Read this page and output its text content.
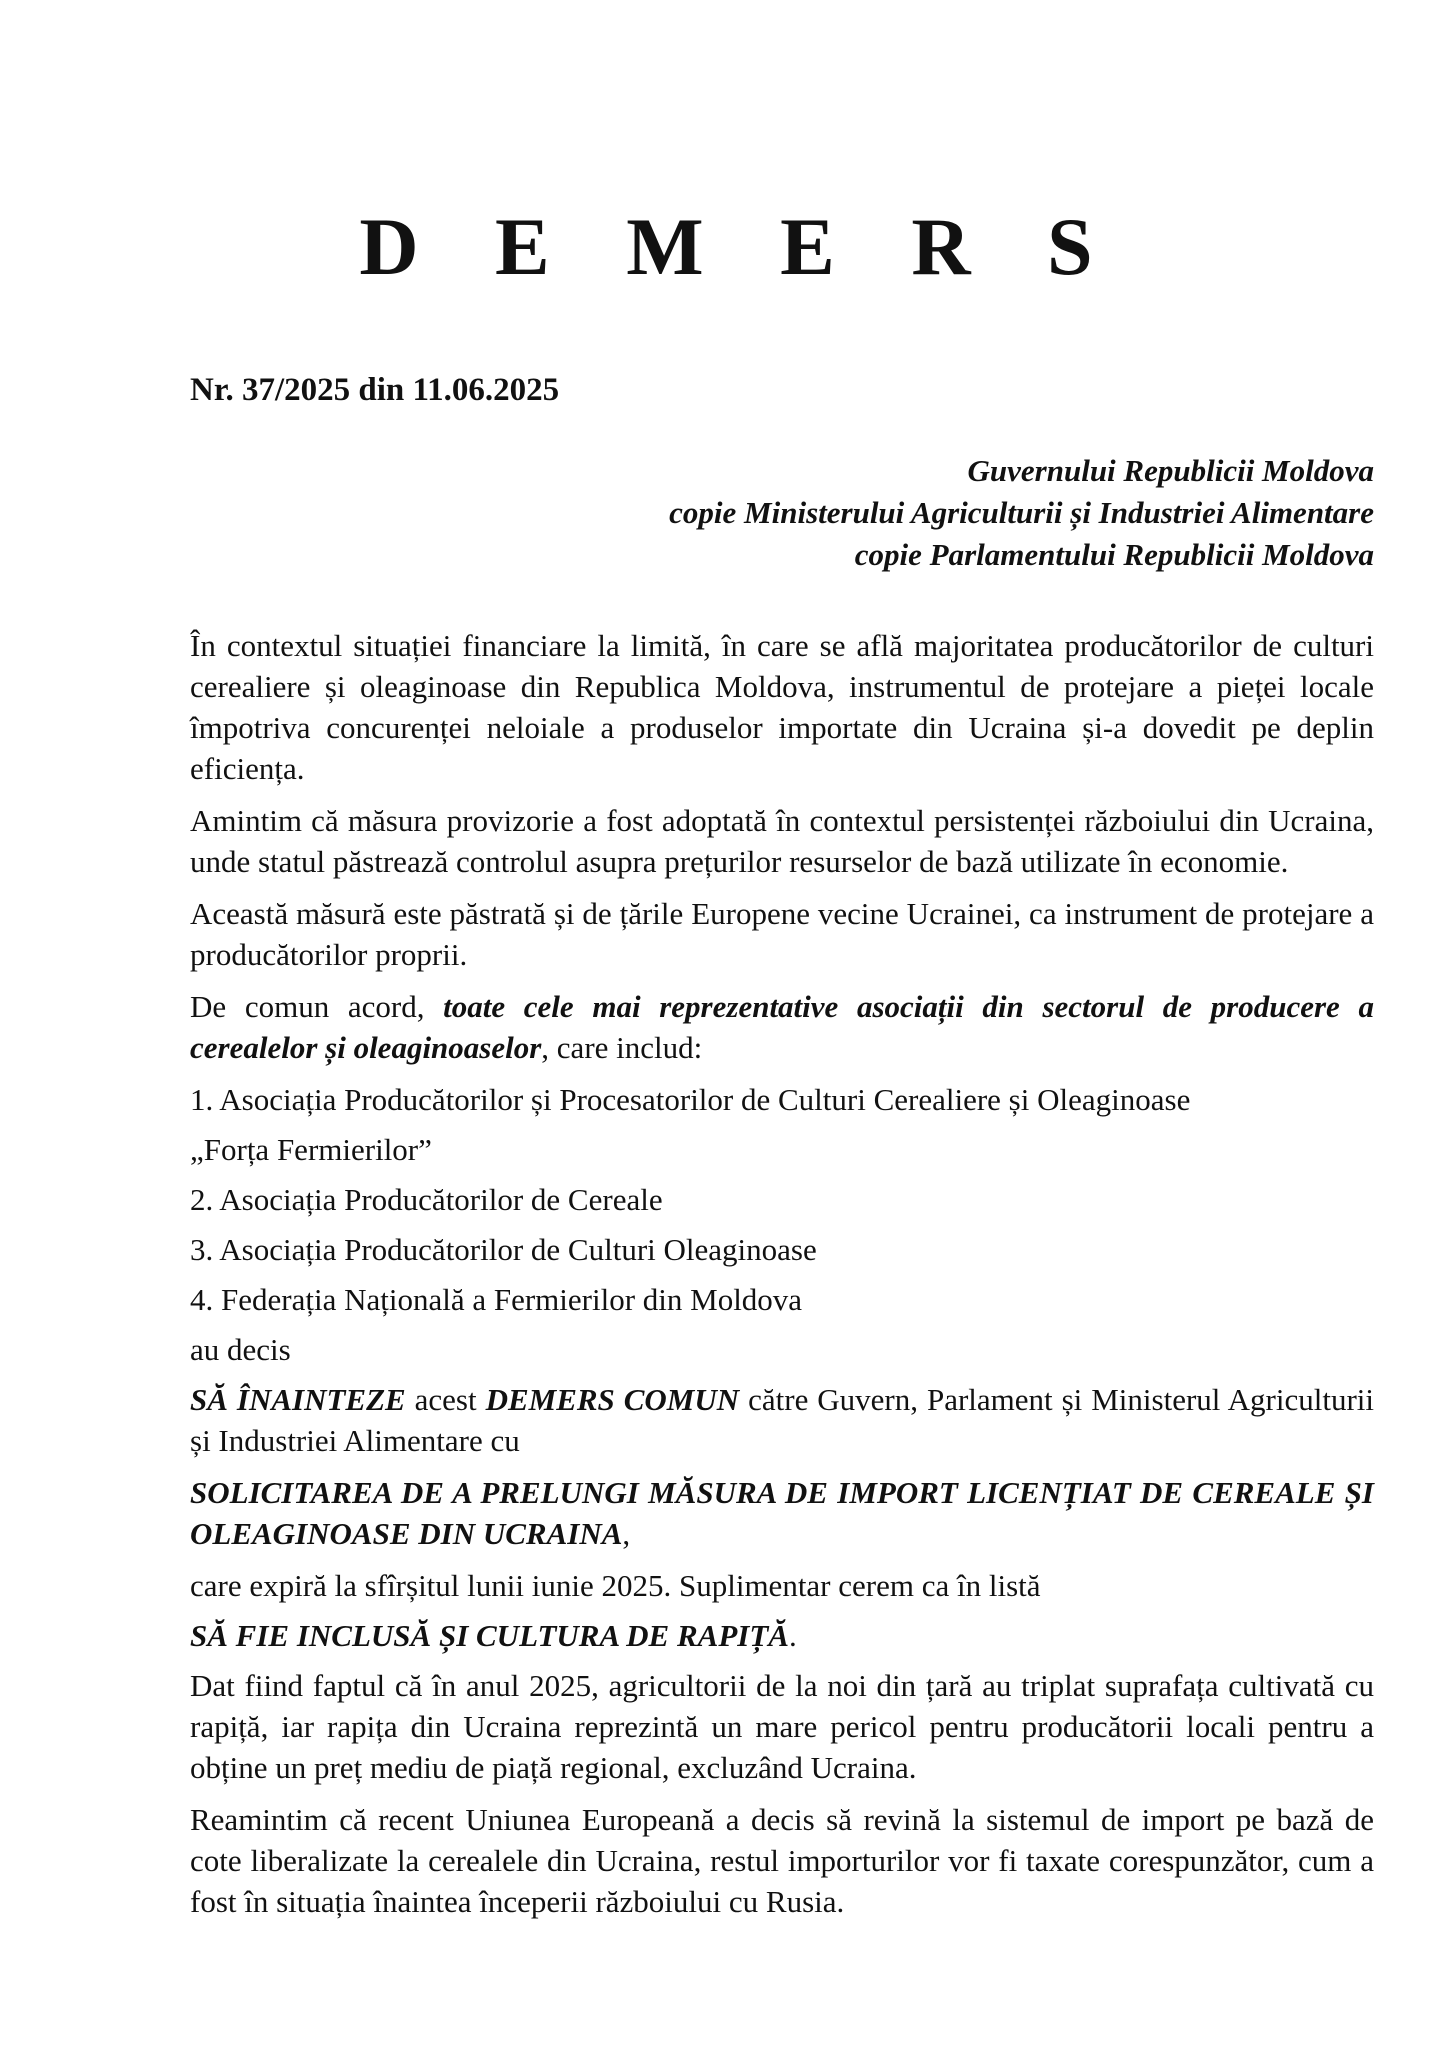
D E M E R S

Nr. 37/2025 din 11.06.2025

Guvernului Republicii Moldova
copie Ministerului Agriculturii și Industriei Alimentare
copie Parlamentului Republicii Moldova

În contextul situației financiare la limită, în care se află majoritatea producătorilor de culturi cerealiere și oleaginoase din Republica Moldova, instrumentul de protejare a pieței locale împotriva concurenței neloiale a produselor importate din Ucraina și-a dovedit pe deplin eficiența.

Amintim că măsura provizorie a fost adoptată în contextul persistenței războiului din Ucraina, unde statul păstrează controlul asupra prețurilor resurselor de bază utilizate în economie.

Această măsură este păstrată și de țările Europene vecine Ucrainei, ca instrument de protejare a producătorilor proprii.

De comun acord, toate cele mai reprezentative asociații din sectorul de producere a cerealelor și oleaginoaselor, care includ:

1. Asociația Producătorilor și Procesatorilor de Culturi Cerealiere și Oleaginoase

„Forța Fermierilor”

2. Asociația Producătorilor de Cereale

3. Asociația Producătorilor de Culturi Oleaginoase

4. Federația Națională a Fermierilor din Moldova

au decis

SĂ ÎNAINTEZE acest DEMERS COMUN către Guvern, Parlament și Ministerul Agriculturii și Industriei Alimentare cu

SOLICITAREA DE A PRELUNGI MĂSURA DE IMPORT LICENȚIAT DE CEREALE ȘI OLEAGINOASE DIN UCRAINA,

care expiră la sfîrșitul lunii iunie 2025. Suplimentar cerem ca în listă

SĂ FIE INCLUSĂ ȘI CULTURA DE RAPIȚĂ.

Dat fiind faptul că în anul 2025, agricultorii de la noi din țară au triplat suprafața cultivată cu rapiță, iar rapița din Ucraina reprezintă un mare pericol pentru producătorii locali pentru a obține un preț mediu de piață regional, excluzând Ucraina.

Reamintim că recent Uniunea Europeană a decis să revină la sistemul de import pe bază de cote liberalizate la cerealele din Ucraina, restul importurilor vor fi taxate corespunzător, cum a fost în situația înaintea începerii războiului cu Rusia.
